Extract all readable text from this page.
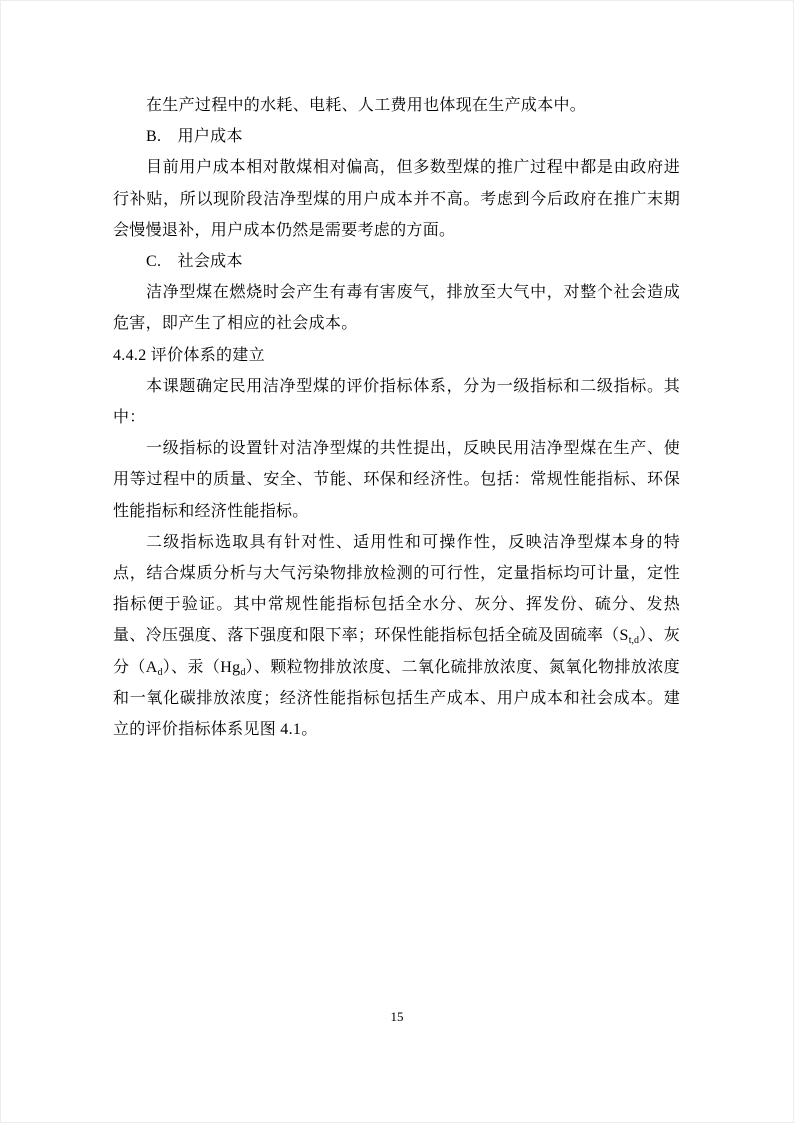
在生产过程中的水耗、电耗、人工费用也体现在生产成本中。

B.　用户成本

目前用户成本相对散煤相对偏高，但多数型煤的推广过程中都是由政府进行补贴，所以现阶段洁净型煤的用户成本并不高。考虑到今后政府在推广末期会慢慢退补，用户成本仍然是需要考虑的方面。

C.　社会成本

洁净型煤在燃烧时会产生有毒有害废气，排放至大气中，对整个社会造成危害，即产生了相应的社会成本。

4.4.2 评价体系的建立

本课题确定民用洁净型煤的评价指标体系，分为一级指标和二级指标。其中：

一级指标的设置针对洁净型煤的共性提出，反映民用洁净型煤在生产、使用等过程中的质量、安全、节能、环保和经济性。包括：常规性能指标、环保性能指标和经济性能指标。

二级指标选取具有针对性、适用性和可操作性，反映洁净型煤本身的特点，结合煤质分析与大气污染物排放检测的可行性，定量指标均可计量，定性指标便于验证。其中常规性能指标包括全水分、灰分、挥发份、硫分、发热量、冷压强度、落下强度和限下率；环保性能指标包括全硫及固硫率$(S_{t,d})$、灰分$(A_d)$、汞$(Hg_d)$、颗粒物排放浓度、二氧化硫排放浓度、氮氧化物排放浓度和一氧化碳排放浓度；经济性能指标包括生产成本、用户成本和社会成本。建立的评价指标体系见图 4.1。

15
